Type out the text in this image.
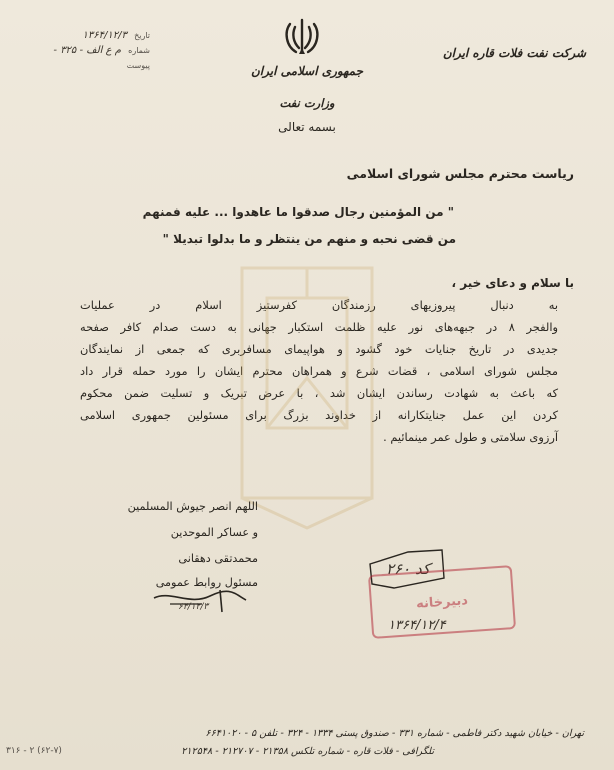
تاریخ ۱۳۶۴/۱۲/۳
شماره م ع الف - ۳۲۵ -
پیوست	جمهوری اسلامی ایران
وزارت نفت
بسمه تعالی
شرکت نفت فلات قاره ایران
ریاست محترم مجلس شورای اسلامی
" من المؤمنین رجال صدقوا ما عاهدوا ... علیه فمنهم
من قضی نحبه و منهم من ینتظر و ما بدلوا تبدیلا "
با سلام و دعای خیر ،
به دنبال پیروزیهای رزمندگان کفرستیز اسلام در عملیات
والفجر ۸ در جبهه‌های نور علیه ظلمت استکبار جهانی به دست صدام کافر صفحه
جدیدی در تاریخ جنایات خود گشود و هواپیمای مسافربری که جمعی از نمایندگان
مجلس شورای اسلامی ، قضات شرع و همراهان محترم ایشان را مورد حمله قرار داد
که باعث به شهادت رساندن ایشان شد ، با عرض تبریک و تسلیت ضمن محکوم
کردن این عمل جنایتکارانه از خداوند بزرگ برای مسئولین جمهوری اسلامی
آرزوی سلامتی و طول عمر مینمائیم .
اللهم انصر جیوش المسلمین
و عساکر الموحدین
محمدتقی دهقانی
مسئول روابط عمومی
۶۴/۱۲/۳
کد ۲۶۰
دبیرخانه
۱۳۶۴/۱۲/۴
تهران - خیابان شهید دکتر فاطمی - شماره ۳۳۱ - صندوق پستی ۱۳۳۴ - ۳۲۴ - تلفن ۵ - ۶۶۴۱۰۲۰
تلگرافی - فلات قاره - شماره تلکس ۲۱۳۵۸ - ۲۱۲۷۰۷ - ۲۱۲۵۴۸
۳۱۶ - ۲ (۶۲-۷)
